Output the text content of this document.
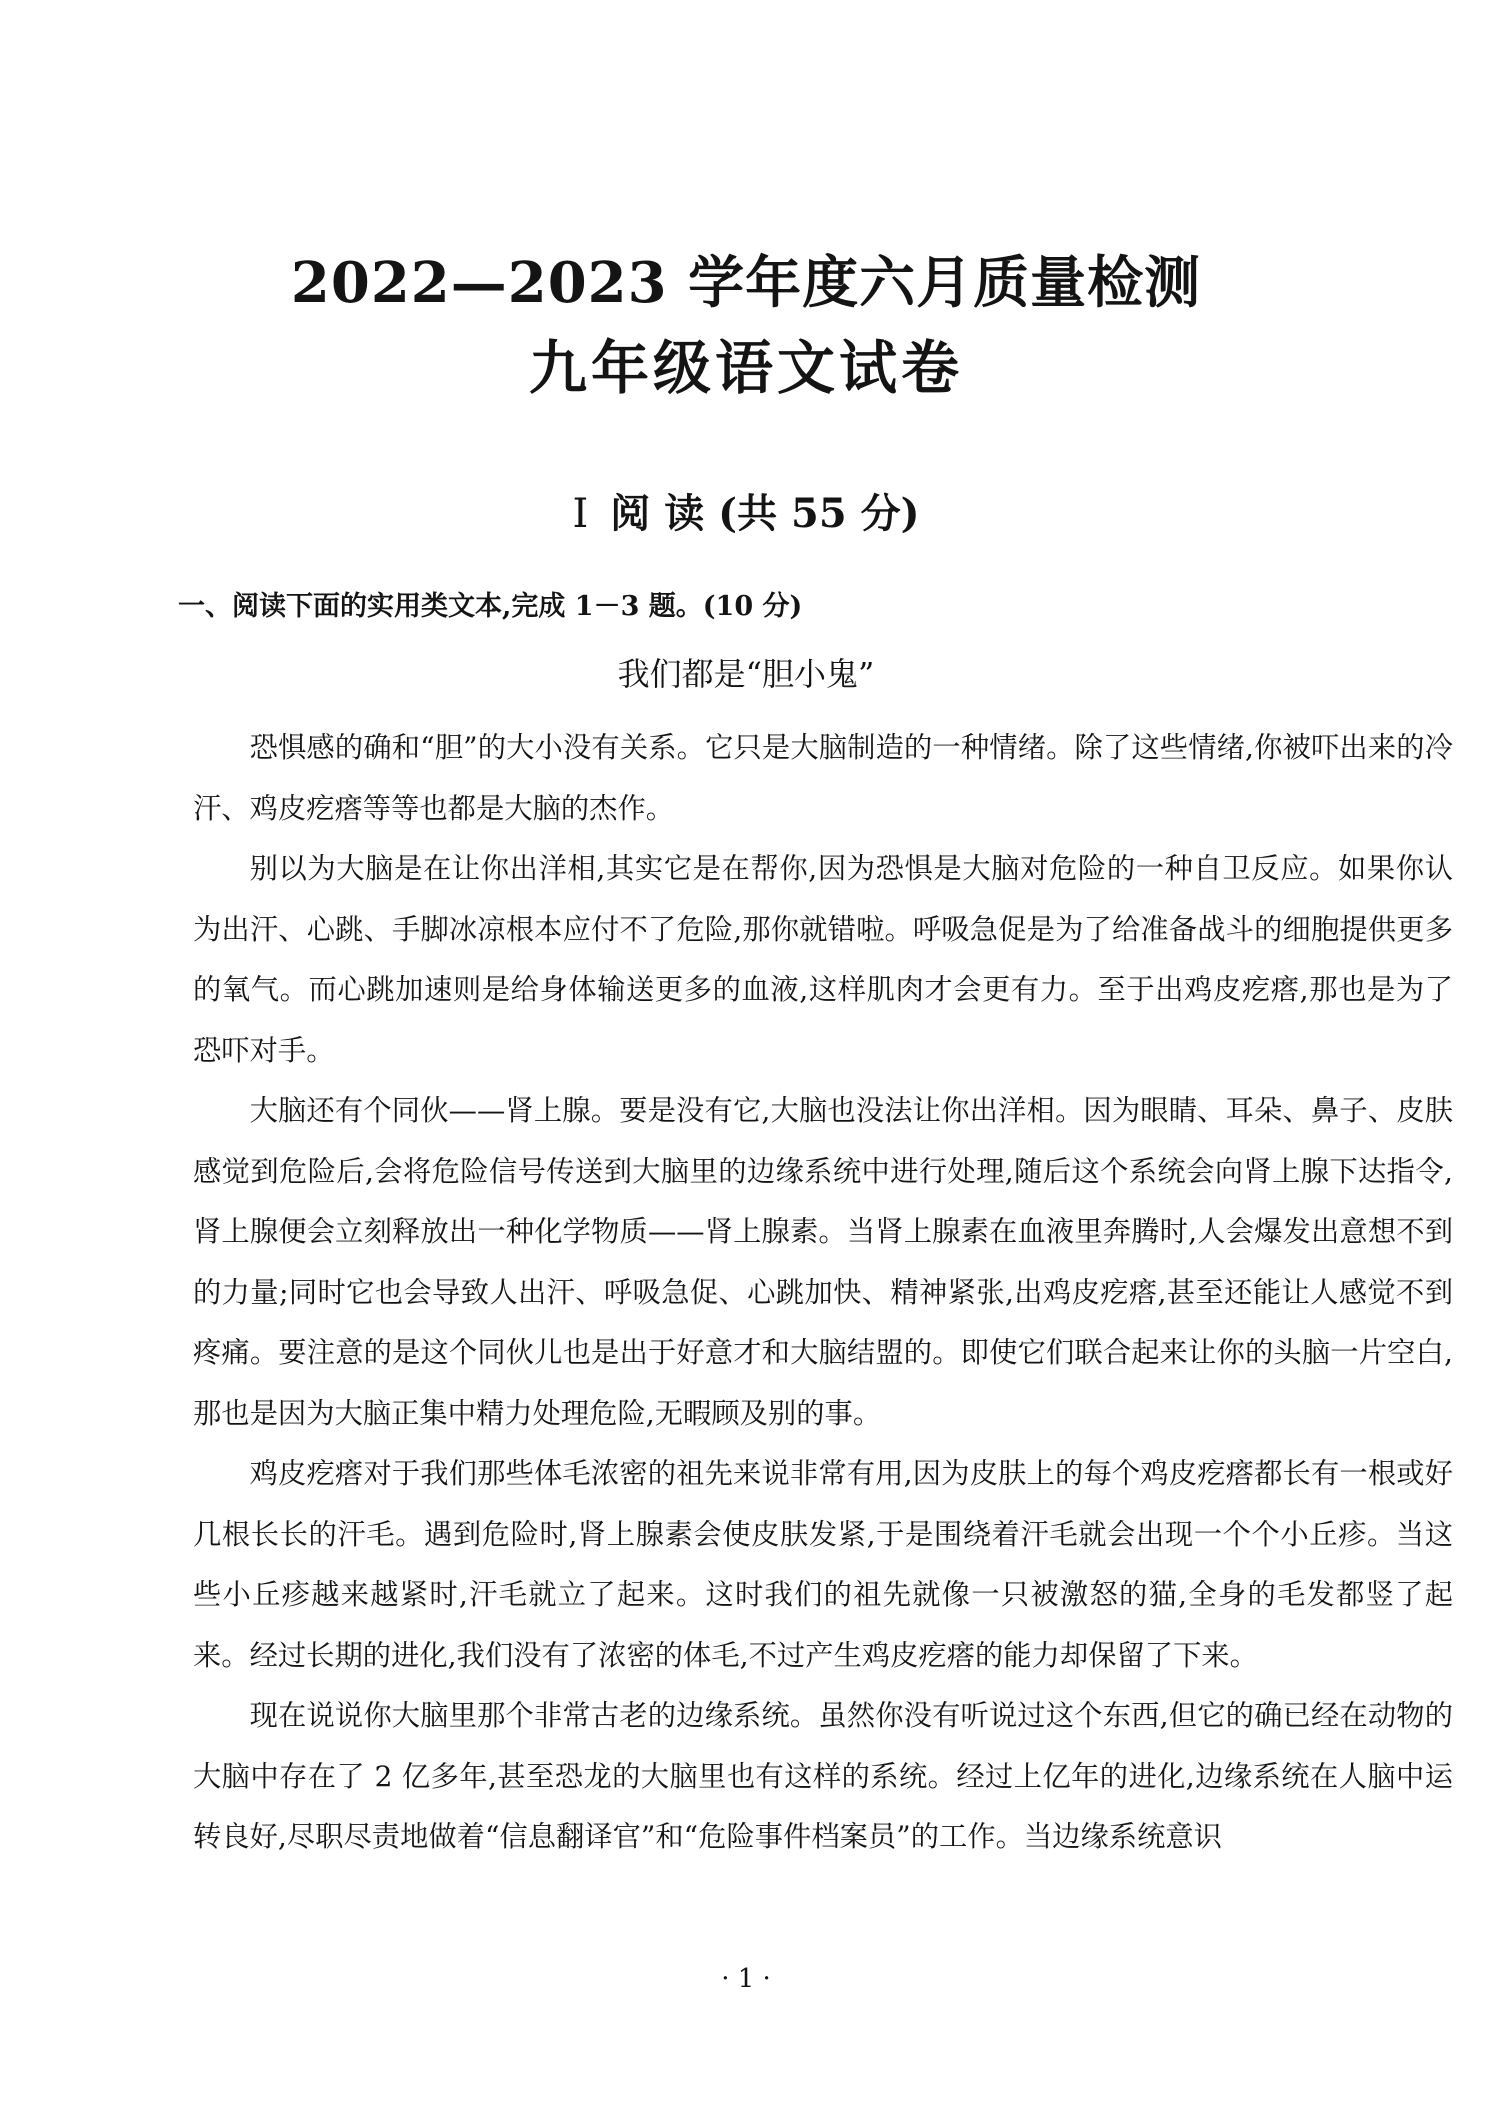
2022—2023 学年度六月质量检测
九年级语文试卷
Ⅰ 阅 读 (共 55 分)
一、阅读下面的实用类文本,完成 1－3 题。(10 分)
我们都是“胆小鬼”

恐惧感的确和“胆”的大小没有关系。它只是大脑制造的一种情绪。除了这些情绪,你被吓出来的冷汗、鸡皮疙瘩等等也都是大脑的杰作。

别以为大脑是在让你出洋相,其实它是在帮你,因为恐惧是大脑对危险的一种自卫反应。如果你认为出汗、心跳、手脚冰凉根本应付不了危险,那你就错啦。呼吸急促是为了给准备战斗的细胞提供更多的氧气。而心跳加速则是给身体输送更多的血液,这样肌肉才会更有力。至于出鸡皮疙瘩,那也是为了恐吓对手。

大脑还有个同伙——肾上腺。要是没有它,大脑也没法让你出洋相。因为眼睛、耳朵、鼻子、皮肤感觉到危险后,会将危险信号传送到大脑里的边缘系统中进行处理,随后这个系统会向肾上腺下达指令,肾上腺便会立刻释放出一种化学物质——肾上腺素。当肾上腺素在血液里奔腾时,人会爆发出意想不到的力量;同时它也会导致人出汗、呼吸急促、心跳加快、精神紧张,出鸡皮疙瘩,甚至还能让人感觉不到疼痛。要注意的是这个同伙儿也是出于好意才和大脑结盟的。即使它们联合起来让你的头脑一片空白,那也是因为大脑正集中精力处理危险,无暇顾及别的事。

鸡皮疙瘩对于我们那些体毛浓密的祖先来说非常有用,因为皮肤上的每个鸡皮疙瘩都长有一根或好几根长长的汗毛。遇到危险时,肾上腺素会使皮肤发紧,于是围绕着汗毛就会出现一个个小丘疹。当这些小丘疹越来越紧时,汗毛就立了起来。这时我们的祖先就像一只被激怒的猫,全身的毛发都竖了起来。经过长期的进化,我们没有了浓密的体毛,不过产生鸡皮疙瘩的能力却保留了下来。

现在说说你大脑里那个非常古老的边缘系统。虽然你没有听说过这个东西,但它的确已经在动物的大脑中存在了 2 亿多年,甚至恐龙的大脑里也有这样的系统。经过上亿年的进化,边缘系统在人脑中运转良好,尽职尽责地做着“信息翻译官”和“危险事件档案员”的工作。当边缘系统意识

· 1 ·
